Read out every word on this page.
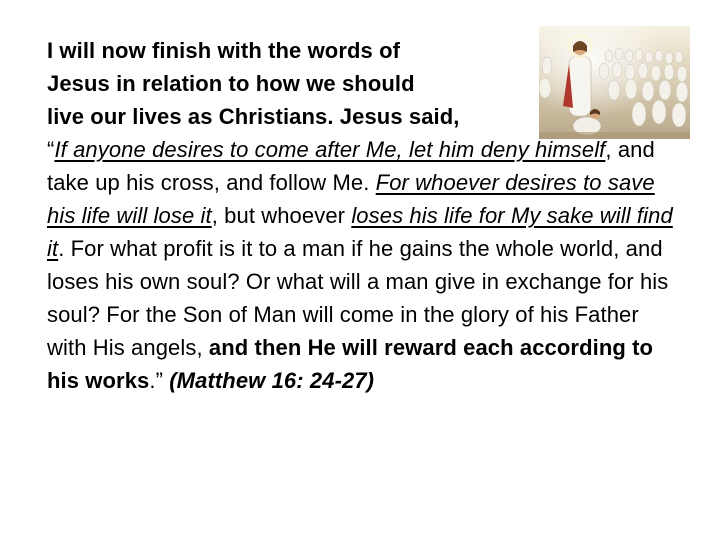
I will now finish with the words of
Jesus in relation to how we should
live our lives as Christians. Jesus said,
“If anyone desires to come after Me, let him deny himself, and take up his cross, and follow Me. For whoever desires to save his life will lose it, but whoever loses his life for My sake will find it. For what profit is it to a man if he gains the whole world, and loses his own soul? Or what will a man give in exchange for his soul? For the Son of Man will come in the glory of his Father with His angels, and then He will reward each according to his works.” (Matthew 16: 24-27)
